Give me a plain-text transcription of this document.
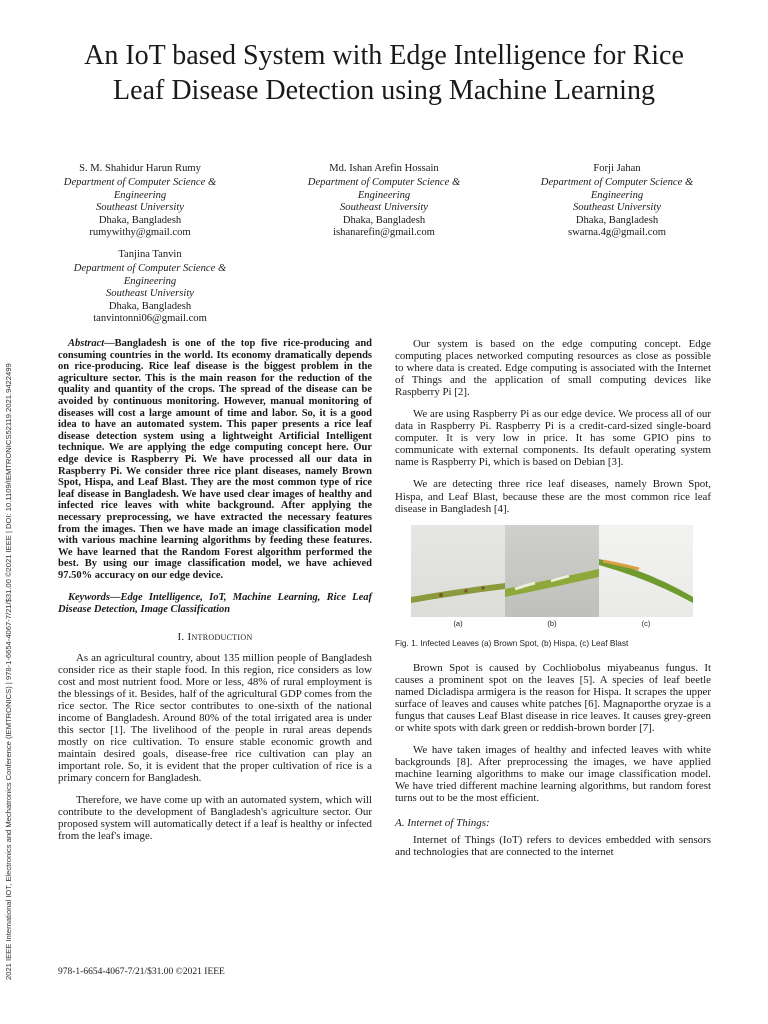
2021 IEEE International IOT, Electronics and Mechatronics Conference (IEMTRONICS) | 978-1-6654-4067-7/21/$31.00 ©2021 IEEE | DOI: 10.1109/IEMTRONICS52119.2021.9422499
An IoT based System with Edge Intelligence for Rice Leaf Disease Detection using Machine Learning
S. M. Shahidur Harun Rumy
Department of Computer Science & Engineering
Southeast University
Dhaka, Bangladesh
rumywithy@gmail.com
Md. Ishan Arefin Hossain
Department of Computer Science & Engineering
Southeast University
Dhaka, Bangladesh
ishanarefin@gmail.com
Forji Jahan
Department of Computer Science & Engineering
Southeast University
Dhaka, Bangladesh
swarna.4g@gmail.com
Tanjina Tanvin
Department of Computer Science & Engineering
Southeast University
Dhaka, Bangladesh
tanvintonni06@gmail.com

Abstract—Bangladesh is one of the top five rice-producing and consuming countries in the world. Its economy dramatically depends on rice-producing. Rice leaf disease is the biggest problem in the agriculture sector. This is the main reason for the reduction of the quality and quantity of the crops. The spread of the disease can be avoided by continuous monitoring. However, manual monitoring of diseases will cost a large amount of time and labor. So, it is a good idea to have an automated system. This paper presents a rice leaf disease detection system using a lightweight Artificial Intelligent technique. We are applying the edge computing concept here. Our edge device is Raspberry Pi. We have processed all our data in Raspberry Pi. We consider three rice plant diseases, namely Brown Spot, Hispa, and Leaf Blast. They are the most common type of rice leaf disease in Bangladesh. We have used clear images of healthy and infected rice leaves with white background. After applying the necessary preprocessing, we have extracted the necessary features from the images. Then we have made an image classification model with various machine learning algorithms by feeding these features. We have learned that the Random Forest algorithm performed the best. By using our image classification model, we have achieved 97.50% accuracy on our edge device.

Keywords—Edge Intelligence, IoT, Machine Learning, Rice Leaf Disease Detection, Image Classification

I. Introduction

As an agricultural country, about 135 million people of Bangladesh consider rice as their staple food. In this region, rice considers as low cost and most nutrient food. More or less, 48% of rural employment is the blessings of it. Besides, half of the agricultural GDP comes from the rice sector. The Rice sector contributes to one-sixth of the national income of Bangladesh. Around 80% of the total irrigated area is under this sector [1]. The livelihood of the people in rural areas depends mostly on rice cultivation. To ensure stable economic growth and maintain desired goals, disease-free rice cultivation can play an important role. So, it is evident that the proper cultivation of rice is a primary concern for Bangladesh.

Therefore, we have come up with an automated system, which will contribute to the development of Bangladesh's agriculture sector. Our proposed system will automatically detect if a leaf is healthy or infected from the leaf's image.

Our system is based on the edge computing concept. Edge computing places networked computing resources as close as possible to where data is created. Edge computing is associated with the Internet of Things and the application of small computing devices like Raspberry Pi [2].

We are using Raspberry Pi as our edge device. We process all of our data in Raspberry Pi. Raspberry Pi is a credit-card-sized single-board computer. It is very low in price. It has some GPIO pins to communicate with external components. Its default operating system name is Raspberry Pi, which is based on Debian [3].

We are detecting three rice leaf diseases, namely Brown Spot, Hispa, and Leaf Blast, because these are the most common rice leaf disease in Bangladesh [4].

(a)	(b)	(c)
Fig. 1. Infected Leaves (a) Brown Spot, (b) Hispa, (c) Leaf Blast

Brown Spot is caused by Cochliobolus miyabeanus fungus. It causes a prominent spot on the leaves [5]. A species of leaf beetle named Dicladispa armigera is the reason for Hispa. It scrapes the upper surface of leaves and causes white patches [6]. Magnaporthe oryzae is a fungus that causes Leaf Blast disease in rice leaves. It causes grey-green or white spots with dark green or reddish-brown border [7].

We have taken images of healthy and infected leaves with white backgrounds [8]. After preprocessing the images, we have applied machine learning algorithms to make our image classification model. We have tried different machine learning algorithms, but random forest turns out to be the most efficient.

A. Internet of Things:

Internet of Things (IoT) refers to devices embedded with sensors and technologies that are connected to the internet

978-1-6654-4067-7/21/$31.00 ©2021 IEEE
